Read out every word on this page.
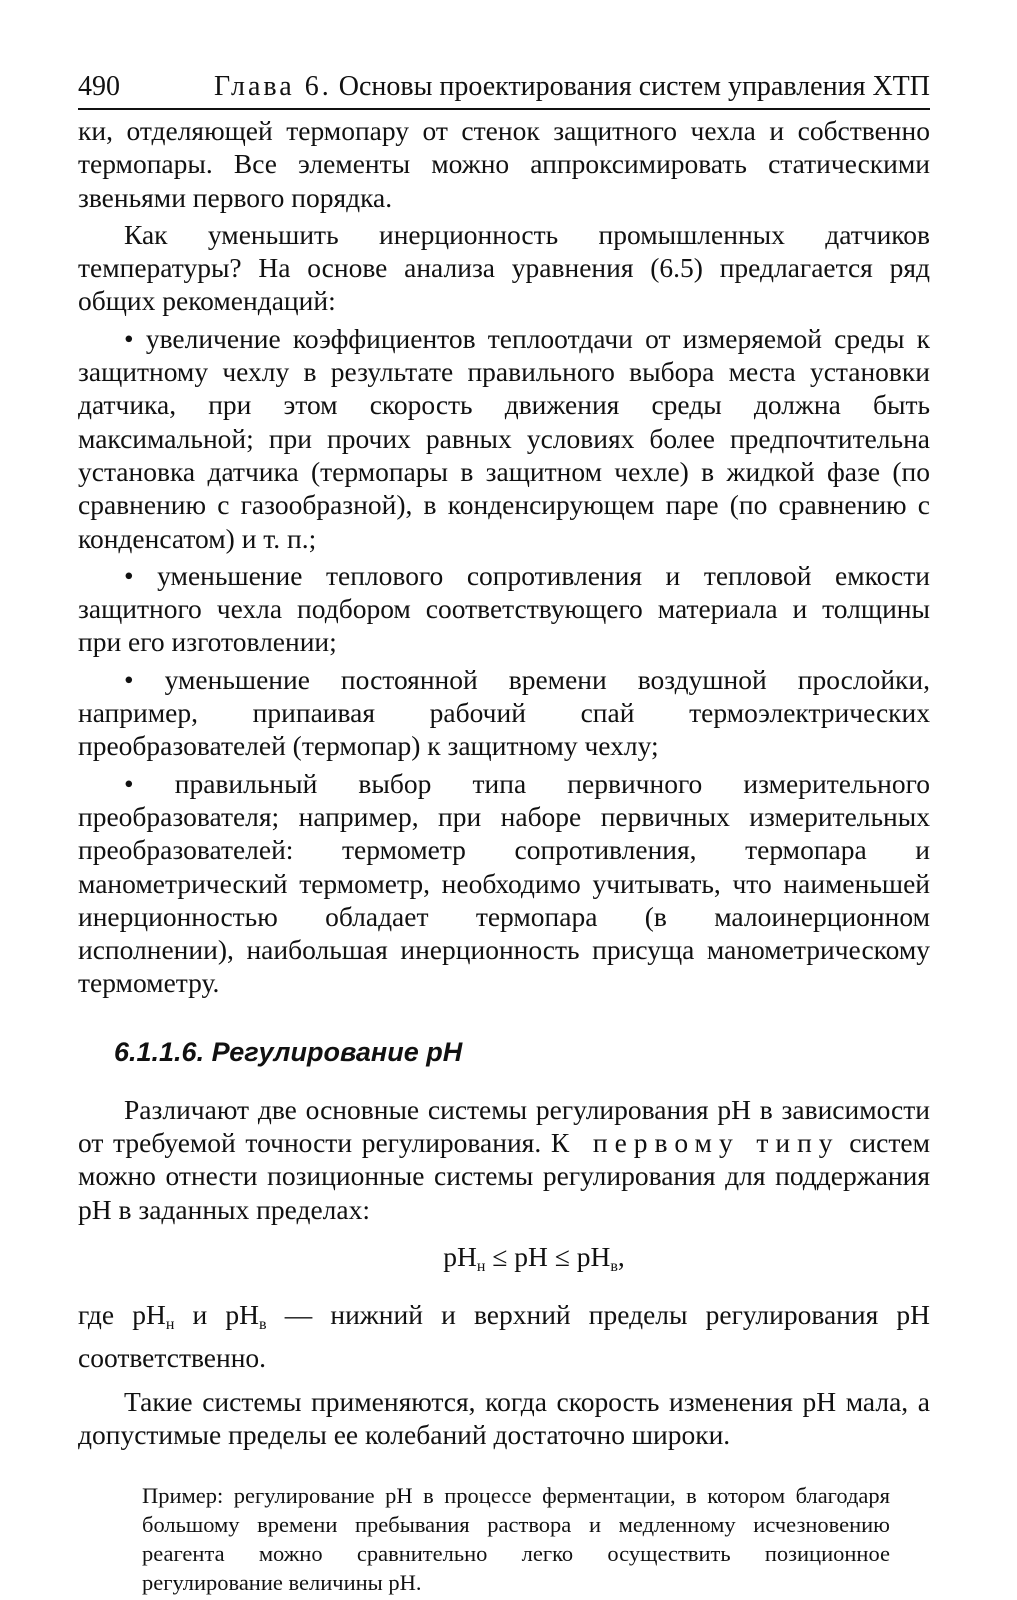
490	Глава 6. Основы проектирования систем управления ХТП

ки, отделяющей термопару от стенок защитного чехла и собственно термопары. Все элементы можно аппроксимировать статическими звеньями первого порядка.

Как уменьшить инерционность промышленных датчиков температуры? На основе анализа уравнения (6.5) предлагается ряд общих рекомендаций:

• увеличение коэффициентов теплоотдачи от измеряемой среды к защитному чехлу в результате правильного выбора места установки датчика, при этом скорость движения среды должна быть максимальной; при прочих равных условиях более предпочтительна установка датчика (термопары в защитном чехле) в жидкой фазе (по сравнению с газообразной), в конденсирующем паре (по сравнению с конденсатом) и т. п.;

• уменьшение теплового сопротивления и тепловой емкости защитного чехла подбором соответствующего материала и толщины при его изготовлении;

• уменьшение постоянной времени воздушной прослойки, например, припаивая рабочий спай термоэлектрических преобразователей (термопар) к защитному чехлу;

• правильный выбор типа первичного измерительного преобразователя; например, при наборе первичных измерительных преобразователей: термометр сопротивления, термопара и манометрический термометр, необходимо учитывать, что наименьшей инерционностью обладает термопара (в малоинерционном исполнении), наибольшая инерционность присуща манометрическому термометру.

6.1.1.6. Регулирование pH

Различают две основные системы регулирования pH в зависимости от требуемой точности регулирования. К первому типу систем можно отнести позиционные системы регулирования для поддержания pH в заданных пределах:

$pH_н$ ≤ pH ≤ $pH_в$,

где $pH_н$ и $pH_в$ — нижний и верхний пределы регулирования pH соответственно.

Такие системы применяются, когда скорость изменения pH мала, а допустимые пределы ее колебаний достаточно широки.

Пример: регулирование pH в процессе ферментации, в котором благодаря большому времени пребывания раствора и медленному исчезновению реагента можно сравнительно легко осуществить позиционное регулирование величины pH.
